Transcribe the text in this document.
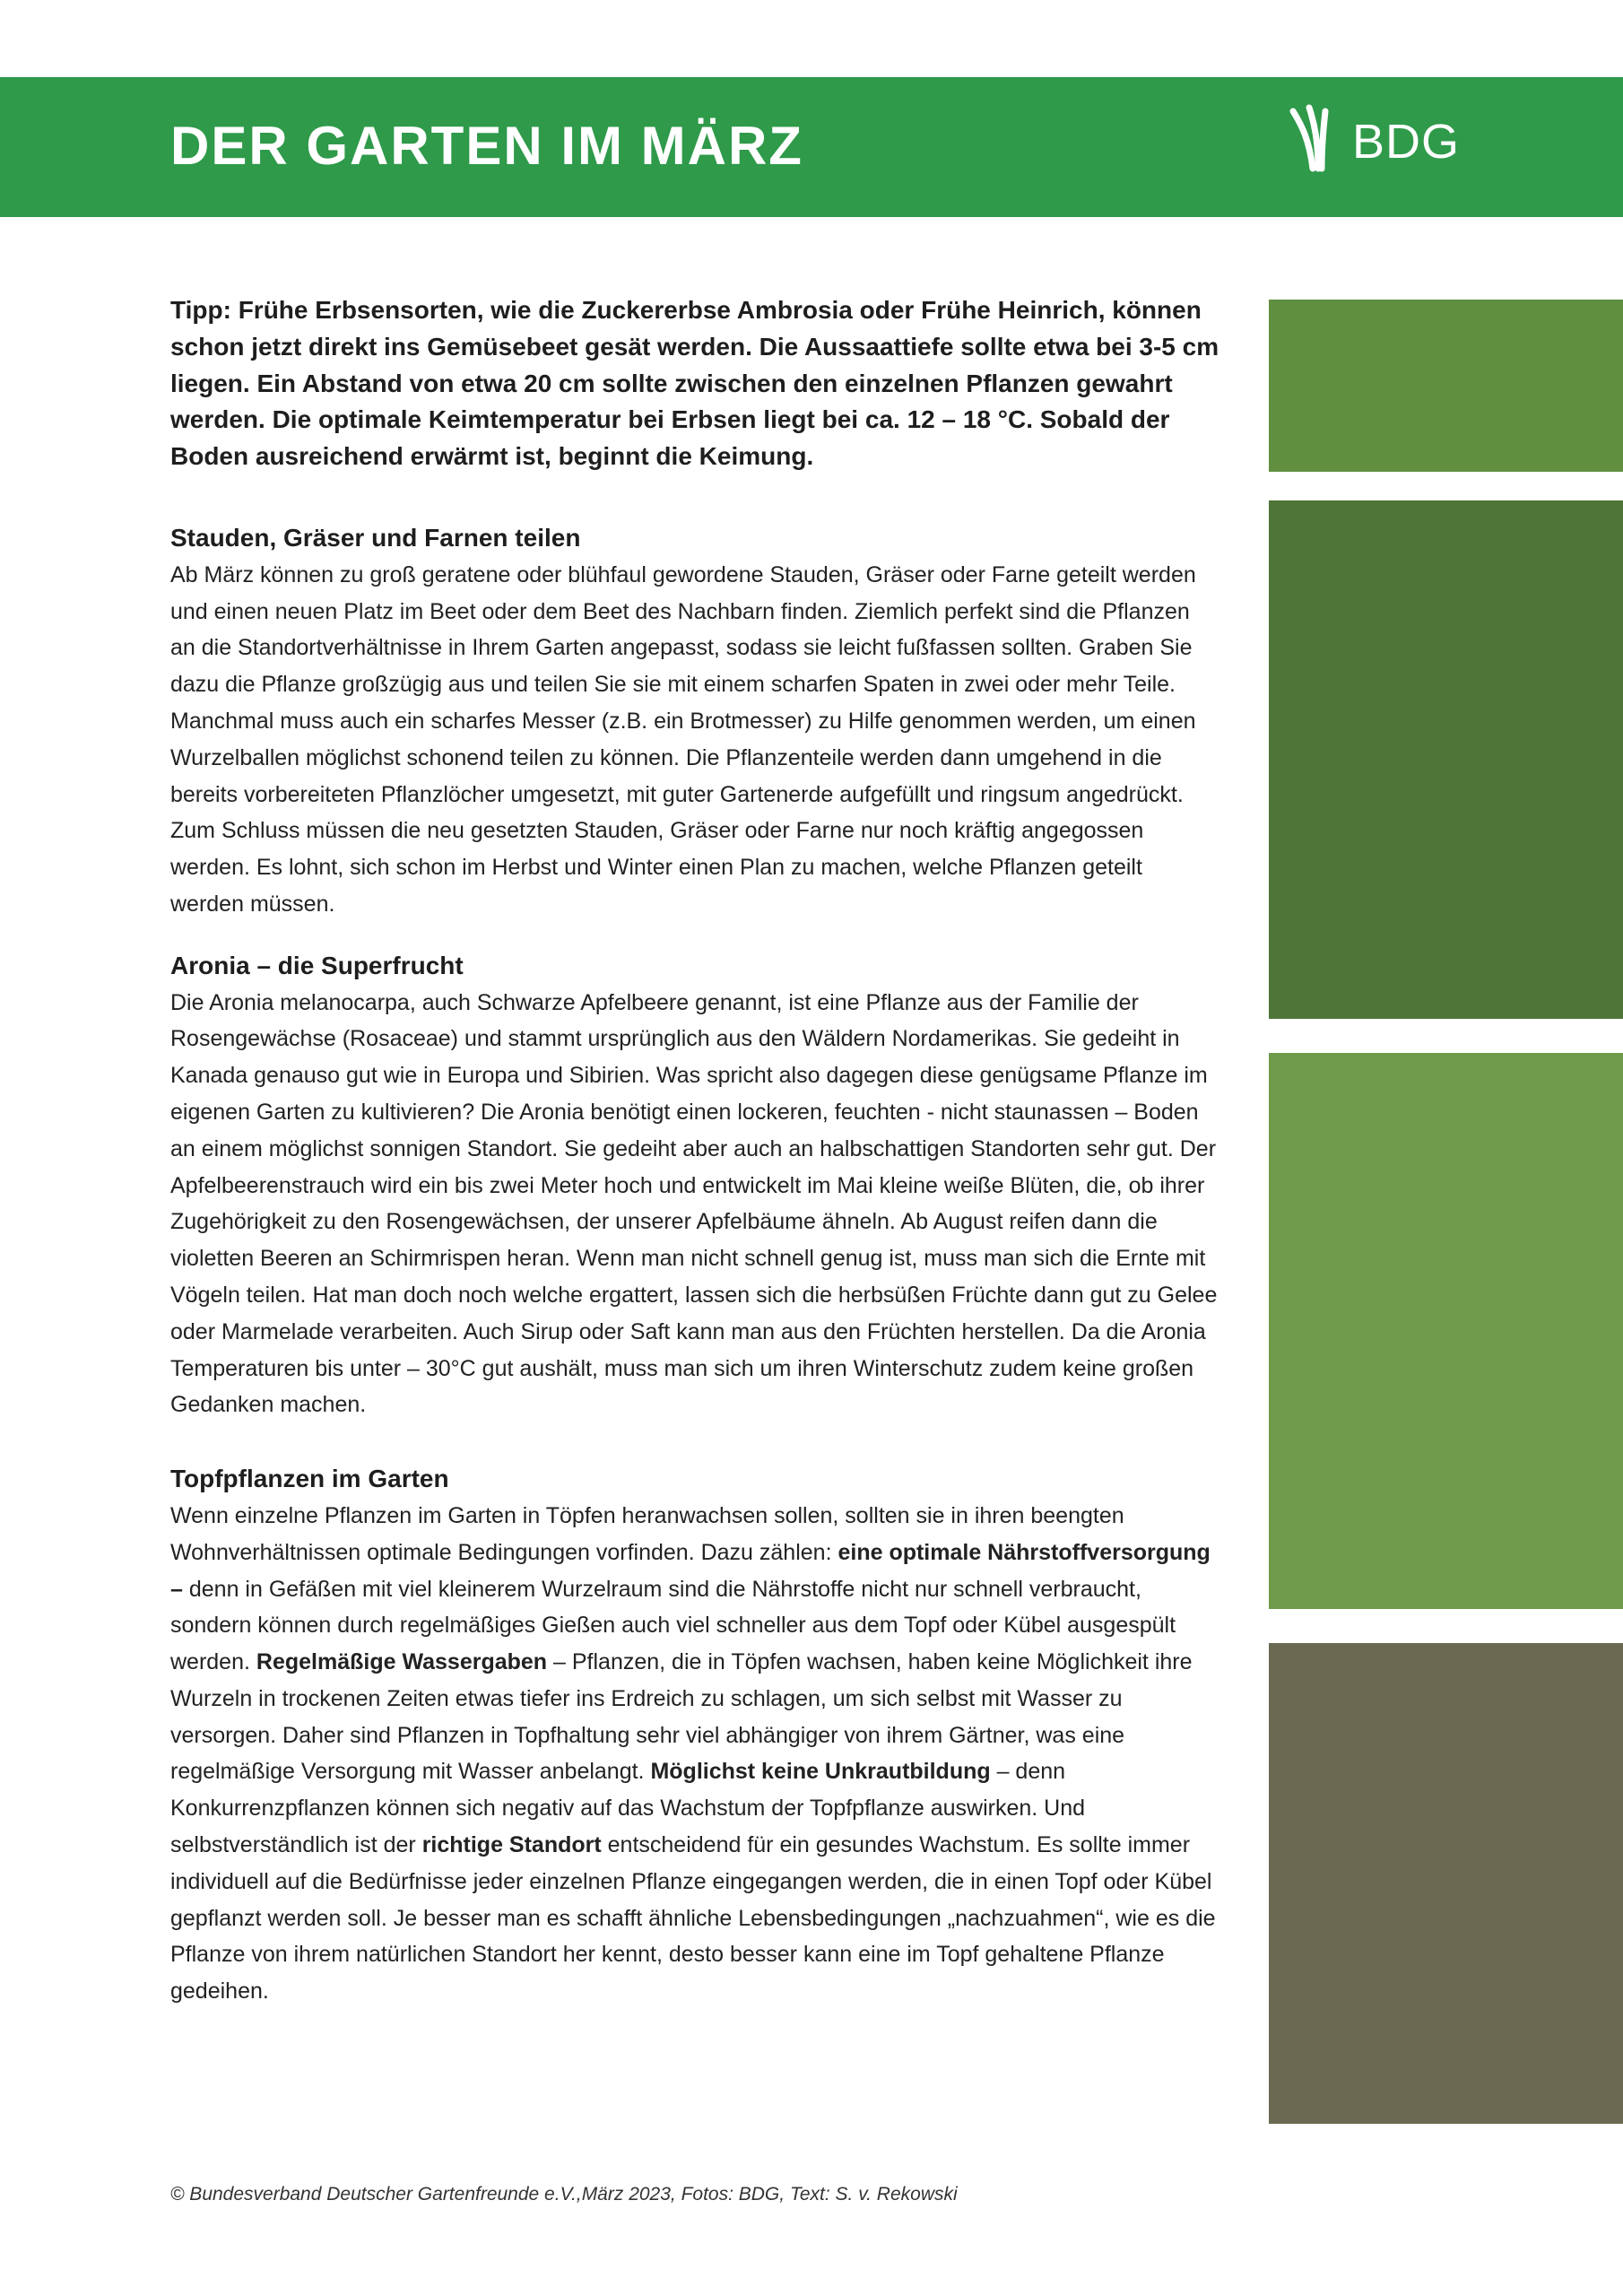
DER GARTEN IM MÄRZ	BDG

Tipp: Frühe Erbsensorten, wie die Zuckererbse Ambrosia oder Frühe Heinrich, können schon jetzt direkt ins Gemüsebeet gesät werden. Die Aussaattiefe sollte etwa bei 3-5 cm liegen. Ein Abstand von etwa 20 cm sollte zwischen den einzelnen Pflanzen gewahrt werden. Die optimale Keimtemperatur bei Erbsen liegt bei ca. 12 – 18 °C. Sobald der Boden ausreichend erwärmt ist, beginnt die Keimung.

Stauden, Gräser und Farnen teilen

Ab März können zu groß geratene oder blühfaul gewordene Stauden, Gräser oder Farne geteilt werden und einen neuen Platz im Beet oder dem Beet des Nachbarn finden. Ziemlich perfekt sind die Pflanzen an die Standortverhältnisse in Ihrem Garten angepasst, sodass sie leicht fußfassen sollten. Graben Sie dazu die Pflanze großzügig aus und teilen Sie sie mit einem scharfen Spaten in zwei oder mehr Teile. Manchmal muss auch ein scharfes Messer (z.B. ein Brotmesser) zu Hilfe genommen werden, um einen Wurzelballen möglichst schonend teilen zu können. Die Pflanzenteile werden dann umgehend in die bereits vorbereiteten Pflanzlöcher umgesetzt, mit guter Gartenerde aufgefüllt und ringsum angedrückt. Zum Schluss müssen die neu gesetzten Stauden, Gräser oder Farne nur noch kräftig angegossen werden. Es lohnt, sich schon im Herbst und Winter einen Plan zu machen, welche Pflanzen geteilt werden müssen.

Aronia – die Superfrucht

Die Aronia melanocarpa, auch Schwarze Apfelbeere genannt, ist eine Pflanze aus der Familie der Rosengewächse (Rosaceae) und stammt ursprünglich aus den Wäldern Nordamerikas. Sie gedeiht in Kanada genauso gut wie in Europa und Sibirien. Was spricht also dagegen diese genügsame Pflanze im eigenen Garten zu kultivieren? Die Aronia benötigt einen lockeren, feuchten - nicht staunassen – Boden an einem möglichst sonnigen Standort. Sie gedeiht aber auch an halbschattigen Standorten sehr gut. Der Apfelbeerenstrauch wird ein bis zwei Meter hoch und entwickelt im Mai kleine weiße Blüten, die, ob ihrer Zugehörigkeit zu den Rosengewächsen, der unserer Apfelbäume ähneln. Ab August reifen dann die violetten Beeren an Schirmrispen heran. Wenn man nicht schnell genug ist, muss man sich die Ernte mit Vögeln teilen. Hat man doch noch welche ergattert, lassen sich die herbsüßen Früchte dann gut zu Gelee oder Marmelade verarbeiten. Auch Sirup oder Saft kann man aus den Früchten herstellen. Da die Aronia Temperaturen bis unter – 30°C gut aushält, muss man sich um ihren Winterschutz zudem keine großen Gedanken machen.

Topfpflanzen im Garten

Wenn einzelne Pflanzen im Garten in Töpfen heranwachsen sollen, sollten sie in ihren beengten Wohnverhältnissen optimale Bedingungen vorfinden. Dazu zählen: eine optimale Nährstoffversorgung – denn in Gefäßen mit viel kleinerem Wurzelraum sind die Nährstoffe nicht nur schnell verbraucht, sondern können durch regelmäßiges Gießen auch viel schneller aus dem Topf oder Kübel ausgespült werden. Regelmäßige Wassergaben – Pflanzen, die in Töpfen wachsen, haben keine Möglichkeit ihre Wurzeln in trockenen Zeiten etwas tiefer ins Erdreich zu schlagen, um sich selbst mit Wasser zu versorgen. Daher sind Pflanzen in Topfhaltung sehr viel abhängiger von ihrem Gärtner, was eine regelmäßige Versorgung mit Wasser anbelangt. Möglichst keine Unkrautbildung – denn Konkurrenzpflanzen können sich negativ auf das Wachstum der Topfpflanze auswirken. Und selbstverständlich ist der richtige Standort entscheidend für ein gesundes Wachstum. Es sollte immer individuell auf die Bedürfnisse jeder einzelnen Pflanze eingegangen werden, die in einen Topf oder Kübel gepflanzt werden soll. Je besser man es schafft ähnliche Lebensbedingungen „nachzuahmen“, wie es die Pflanze von ihrem natürlichen Standort her kennt, desto besser kann eine im Topf gehaltene Pflanze gedeihen.

© Bundesverband Deutscher Gartenfreunde e.V.,März 2023, Fotos: BDG, Text: S. v. Rekowski
